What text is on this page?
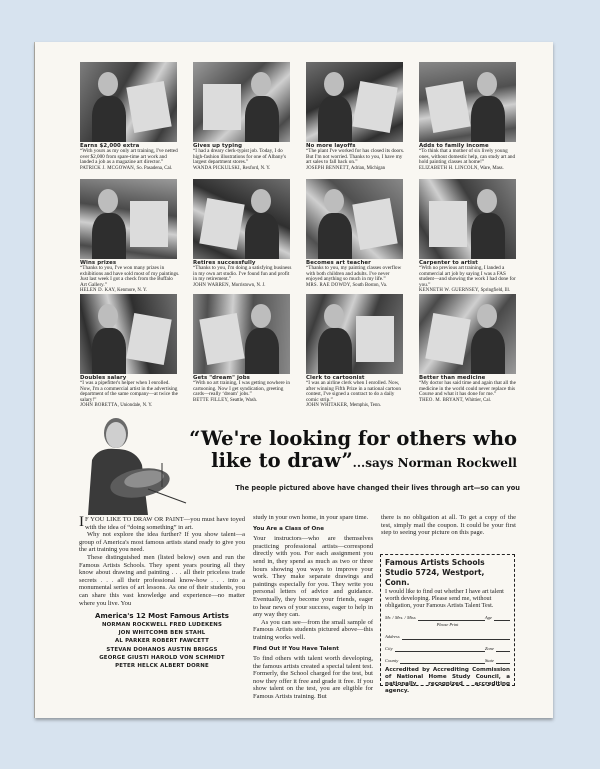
Earns $2,000 extra
“With yours as my only art training, I've netted over $2,000 from spare-time art work and landed a job as a magazine art director.”
PATRICK J. MCGOWAN, So. Pasadena, Cal.
Gives up typing
“I had a dreary clerk-typist job. Today, I do high-fashion illustrations for one of Albany's largest department stores.”
WANDA PICKULSKI, Rexford, N. Y.
No more layoffs
“The plant I've worked for has closed its doors. But I'm not worried. Thanks to you, I have my art sales to fall back on.”
JOSEPH BENNETT, Adrian, Michigan
Adds to family income
“To think that a mother of six lively young ones, without domestic help, can study art and hold painting classes at home!”
ELIZABETH H. LINCOLN, Ware, Mass.
Wins prizes
“Thanks to you, I've won many prizes in exhibitions and have sold most of my paintings. Just last week I got a check from the Buffalo Art Gallery.”
HELEN D. KAY, Kenmore, N. Y.
Retires successfully
“Thanks to you, I'm doing a satisfying business in my own art studio. I've found fun and profit in my retirement.”
JOHN WARREN, Morristown, N. J.
Becomes art teacher
“Thanks to you, my painting classes overflow with both children and adults. I've never enjoyed anything so much in my life.”
MRS. RAE DOWDY, South Boston, Va.
Carpenter to artist
“With no previous art training, I landed a commercial art job by saying I was a FAS student—and showing the work I had done for you.”
KENNETH W. GUERNSEY, Springfield, Ill.
Doubles salary
“I was a pipefitter's helper when I enrolled. Now, I'm a commercial artist in the advertising department of the same company—at twice the salary!”
JOHN BORETTA, Uniondale, N. Y.
Gets "dream" jobs
“With no art training, I was getting nowhere in cartooning. Now I get syndication, greeting cards—really ‘dream’ jobs.”
BETTE FILLEY, Seattle, Wash.
Clerk to cartoonist
“I was an airline clerk when I enrolled. Now, after winning Fifth Prize in a national cartoon contest, I've signed a contract to do a daily comic strip.”
JOHN WHITAKER, Memphis, Tenn.
Better than medicine
“My doctor has said time and again that all the medicine in the world could never replace this Course and what it has done for me.”
THEO. M. BRYANT, Whittier, Cal.
“We're looking for others who
like to draw”...says Norman Rockwell
The people pictured above have changed their lives through art—so can you

I F YOU LIKE TO DRAW OR PAINT—you must have toyed with the idea of “doing something” in art.

Why not explore the idea further? If you show talent—a group of America's most famous artists stand ready to give you the art training you need.

These distinguished men (listed below) own and run the Famous Artists Schools. They spent years pouring all they know about drawing and painting . . . all their priceless trade secrets . . . all their professional know-how . . . into a monumental series of art lessons. As one of their students, you can share this vast knowledge and experience—no matter where you live. You

America's 12 Most Famous Artists
NORMAN ROCKWELL FRED LUDEKENS
JON WHITCOMB BEN STAHL
AL PARKER ROBERT FAWCETT
STEVAN DOHANOS AUSTIN BRIGGS
GEORGE GIUSTI HAROLD VON SCHMIDT
PETER HELCK ALBERT DORNE

study in your own home, in your spare time.

You Are a Class of One

Your instructors—who are themselves practicing professional artists—correspond directly with you. For each assignment you send in, they spend as much as two or three hours showing you ways to improve your work. They make separate drawings and paintings especially for you. They write you personal letters of advice and guidance. Eventually, they become your friends, eager to hear news of your success, eager to help in any way they can.

As you can see—from the small sample of Famous Artists students pictured above—this training works well.

Find Out If You Have Talent

To find others with talent worth developing, the famous artists created a special talent test. Formerly, the School charged for the test, but now they offer it free and grade it free. If you show talent on the test, you are eligible for Famous Artists training. But

there is no obligation at all. To get a copy of the test, simply mail the coupon. It could be your first step to seeing your picture on this page.

Famous Artists Schools
Studio 5724, Westport, Conn.
I would like to find out whether I have art talent worth developing. Please send me, without obligation, your Famous Artists Talent Test.
Mr. / Mrs. / Miss	Age
Please Print
Address
City	Zone
County	State
Accredited by Accrediting Commission of National Home Study Council, a nationally recognized accrediting agency.
